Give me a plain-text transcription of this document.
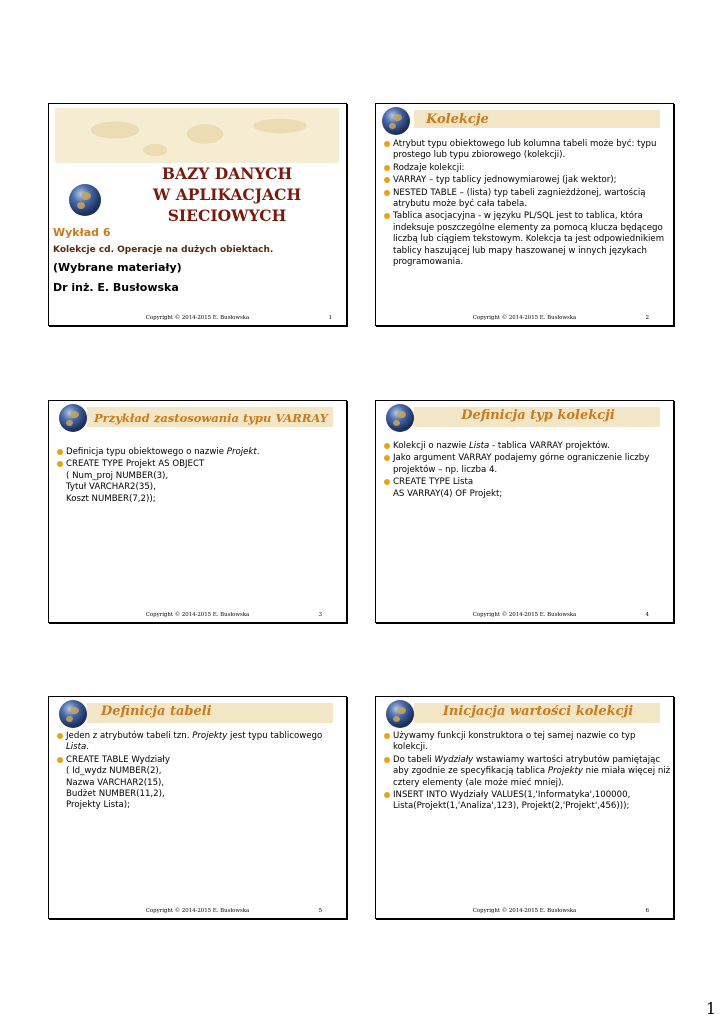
BAZY DANYCH
W APLIKACJACH
SIECIOWYCH
Wykład 6
Kolekcje cd. Operacje na dużych obiektach.
(Wybrane materiały)
Dr inż. E. Busłowska
Copyright © 2014-2015 E. Busłowska	1
Kolekcje
Atrybut typu obiektowego lub kolumna tabeli może być: typu
prostego lub typu zbiorowego (kolekcji).
Rodzaje kolekcji:
VARRAY – typ tablicy jednowymiarowej (jak wektor);
NESTED TABLE – (lista) typ tabeli zagnieżdżonej, wartością
atrybutu może być cała tabela.
Tablica asocjacyjna - w języku PL/SQL jest to tablica, która
indeksuje poszczególne elementy za pomocą klucza będącego
liczbą lub ciągiem tekstowym. Kolekcja ta jest odpowiednikiem
tablicy haszującej lub mapy haszowanej w innych językach
programowania.
Copyright © 2014-2015 E. Busłowska	2
Przykład zastosowania typu VARRAY
Definicja typu obiektowego o nazwie Projekt.
CREATE TYPE Projekt AS OBJECT
( Num_proj NUMBER(3),
Tytuł VARCHAR2(35),
Koszt NUMBER(7,2));
Copyright © 2014-2015 E. Busłowska	3
Definicja typ kolekcji
Kolekcji o nazwie Lista - tablica VARRAY projektów.
Jako argument VARRAY podajemy górne ograniczenie liczby
projektów – np. liczba 4.
CREATE TYPE Lista
AS VARRAY(4) OF Projekt;
Copyright © 2014-2015 E. Busłowska	4
Definicja tabeli
Jeden z atrybutów tabeli tzn. Projekty jest typu tablicowego
Lista.
CREATE TABLE Wydziały
( Id_wydz NUMBER(2),
Nazwa VARCHAR2(15),
Budżet NUMBER(11,2),
Projekty Lista);
Copyright © 2014-2015 E. Busłowska	5
Inicjacja wartości kolekcji
Używamy funkcji konstruktora o tej samej nazwie co typ
kolekcji.
Do tabeli Wydziały wstawiamy wartości atrybutów pamiętając
aby zgodnie ze specyfikacją tablica Projekty nie miała więcej niż
cztery elementy (ale może mieć mniej).
INSERT INTO Wydziały VALUES(1,'Informatyka',100000,
Lista(Projekt(1,'Analiza',123), Projekt(2,'Projekt',456)));
Copyright © 2014-2015 E. Busłowska	6
1
